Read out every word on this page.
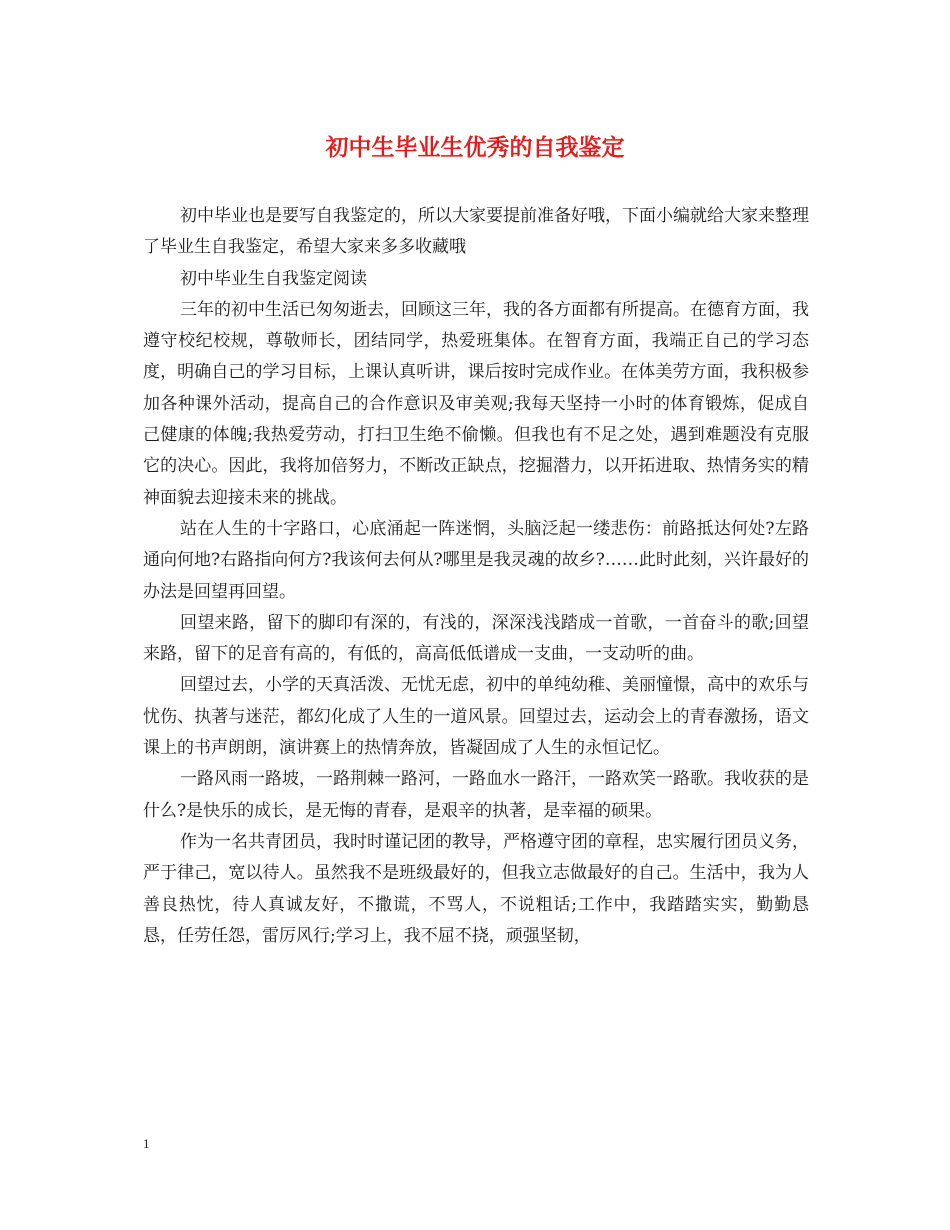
初中生毕业生优秀的自我鉴定

初中毕业也是要写自我鉴定的，所以大家要提前准备好哦，下面小编就给大家来整理了毕业生自我鉴定，希望大家来多多收藏哦

初中毕业生自我鉴定阅读

三年的初中生活已匆匆逝去，回顾这三年，我的各方面都有所提高。在德育方面，我遵守校纪校规，尊敬师长，团结同学，热爱班集体。在智育方面，我端正自己的学习态度，明确自己的学习目标，上课认真听讲，课后按时完成作业。在体美劳方面，我积极参加各种课外活动，提高自己的合作意识及审美观;我每天坚持一小时的体育锻炼，促成自己健康的体魄;我热爱劳动，打扫卫生绝不偷懒。但我也有不足之处，遇到难题没有克服它的决心。因此，我将加倍努力，不断改正缺点，挖掘潜力，以开拓进取、热情务实的精神面貌去迎接未来的挑战。

站在人生的十字路口，心底涌起一阵迷惘，头脑泛起一缕悲伤：前路抵达何处?左路通向何地?右路指向何方?我该何去何从?哪里是我灵魂的故乡?……此时此刻，兴许最好的办法是回望再回望。

回望来路，留下的脚印有深的，有浅的，深深浅浅踏成一首歌，一首奋斗的歌;回望来路，留下的足音有高的，有低的，高高低低谱成一支曲，一支动听的曲。

回望过去，小学的天真活泼、无忧无虑，初中的单纯幼稚、美丽憧憬，高中的欢乐与忧伤、执著与迷茫，都幻化成了人生的一道风景。回望过去，运动会上的青春激扬，语文课上的书声朗朗，演讲赛上的热情奔放，皆凝固成了人生的永恒记忆。

一路风雨一路坡，一路荆棘一路河，一路血水一路汗，一路欢笑一路歌。我收获的是什么?是快乐的成长，是无悔的青春，是艰辛的执著，是幸福的硕果。

作为一名共青团员，我时时谨记团的教导，严格遵守团的章程，忠实履行团员义务，严于律己，宽以待人。虽然我不是班级最好的，但我立志做最好的自己。生活中，我为人善良热忱，待人真诚友好，不撒谎，不骂人，不说粗话;工作中，我踏踏实实，勤勤恳恳，任劳任怨，雷厉风行;学习上，我不屈不挠，顽强坚韧，

1
